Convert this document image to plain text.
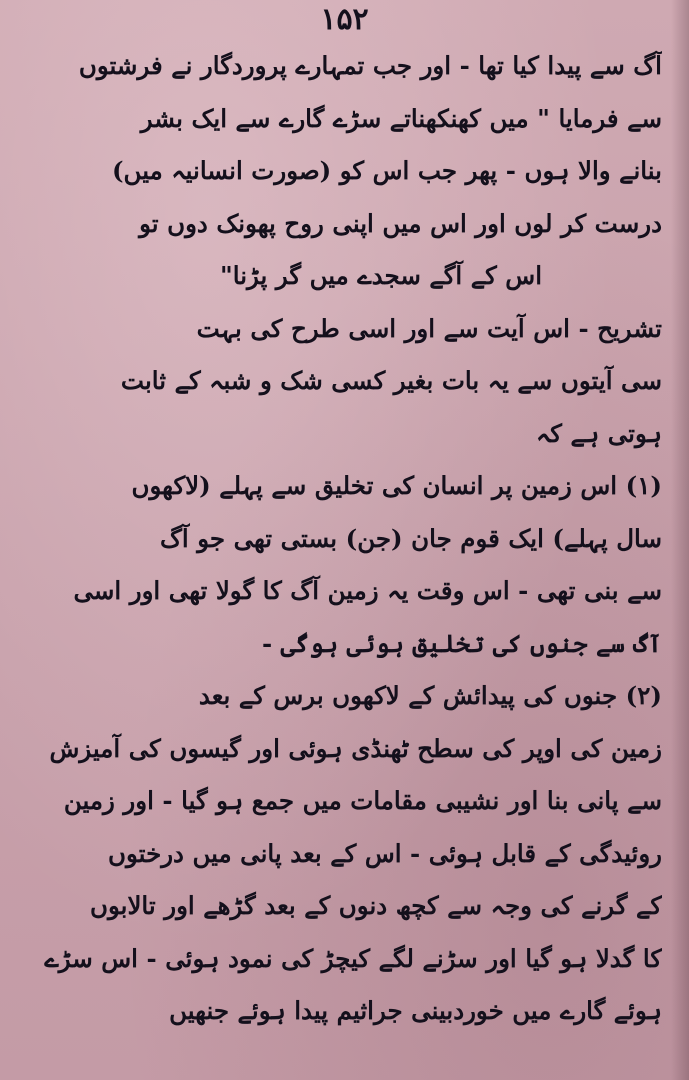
۱۵۲
آگ سے پیدا کیا تھا - اور جب تمہارے پروردگار نے فرشتوں
سے فرمایا " میں کھنکھناتے سڑے گارے سے ایک بشر
بنانے والا ہوں - پھر جب اس کو (صورت انسانیہ میں)
درست کر لوں اور اس میں اپنی روح پھونک دوں تو
اس کے آگے سجدے میں گر پڑنا"
تشریح - اس آیت سے اور اسی طرح کی بہت
سی آیتوں سے یہ بات بغیر کسی شک و شبہ کے ثابت
ہوتی ہے کہ
(۱) اس زمین پر انسان کی تخلیق سے پہلے (لاکھوں
سال پہلے) ایک قوم جان (جن) بستی تھی جو آگ
سے بنی تھی - اس وقت یہ زمین آگ کا گولا تھی اور اسی
آگ سے جنوں کی تخلیق ہوئی ہوگی -
(۲) جنوں کی پیدائش کے لاکھوں برس کے بعد
زمین کی اوپر کی سطح ٹھنڈی ہوئی اور گیسوں کی آمیزش
سے پانی بنا اور نشیبی مقامات میں جمع ہو گیا - اور زمین
روئیدگی کے قابل ہوئی - اس کے بعد پانی میں درختوں
کے گرنے کی وجہ سے کچھ دنوں کے بعد گڑھے اور تالابوں
کا گدلا ہو گیا اور سڑنے لگے کیچڑ کی نمود ہوئی - اس سڑے
ہوئے گارے میں خوردبینی جراثیم پیدا ہوئے جنھیں
